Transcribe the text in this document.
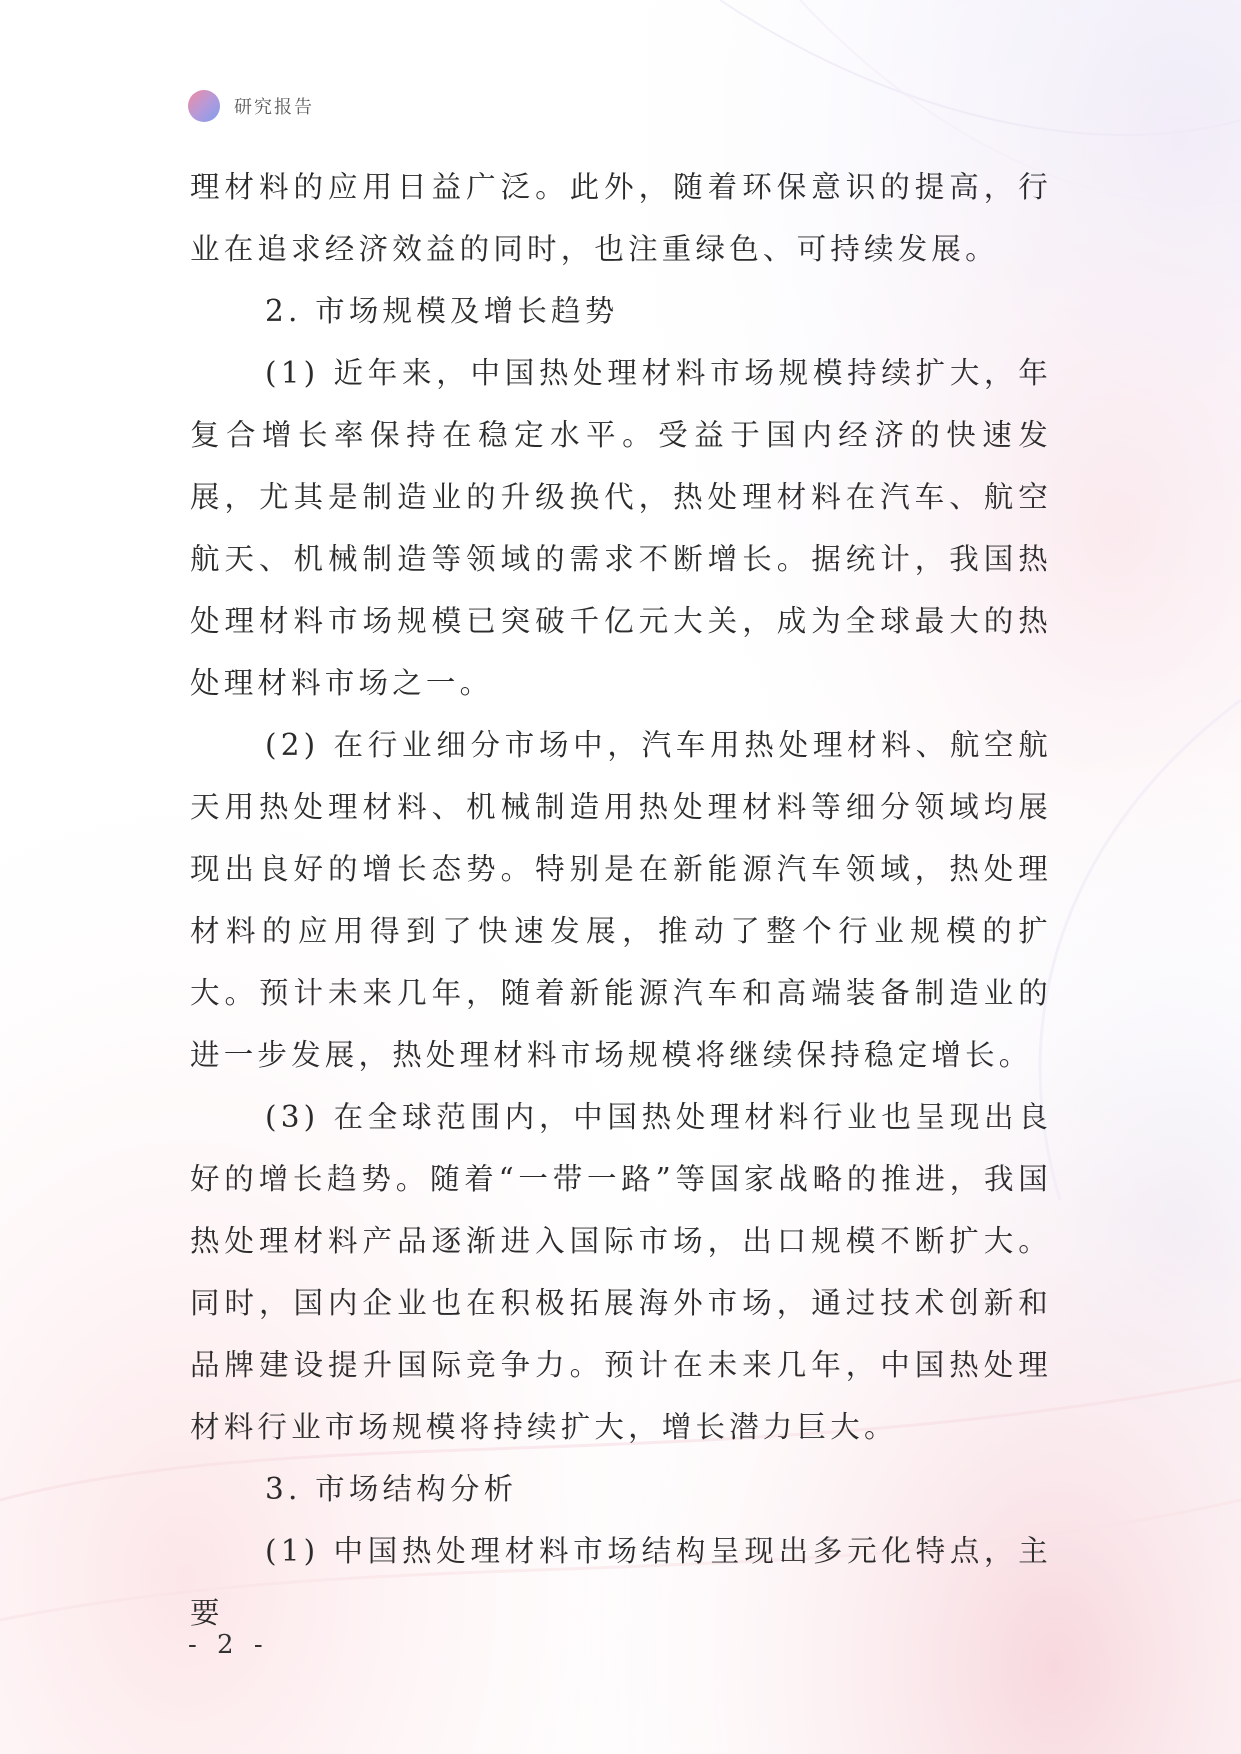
研究报告

理材料的应用日益广泛。此外，随着环保意识的提高，行业在追求经济效益的同时，也注重绿色、可持续发展。

2. 市场规模及增长趋势

(1) 近年来，中国热处理材料市场规模持续扩大，年复合增长率保持在稳定水平。受益于国内经济的快速发展，尤其是制造业的升级换代，热处理材料在汽车、航空航天、机械制造等领域的需求不断增长。据统计，我国热处理材料市场规模已突破千亿元大关，成为全球最大的热处理材料市场之一。

(2) 在行业细分市场中，汽车用热处理材料、航空航天用热处理材料、机械制造用热处理材料等细分领域均展现出良好的增长态势。特别是在新能源汽车领域，热处理材料的应用得到了快速发展，推动了整个行业规模的扩大。预计未来几年，随着新能源汽车和高端装备制造业的进一步发展，热处理材料市场规模将继续保持稳定增长。

(3) 在全球范围内，中国热处理材料行业也呈现出良好的增长趋势。随着“一带一路”等国家战略的推进，我国热处理材料产品逐渐进入国际市场，出口规模不断扩大。同时，国内企业也在积极拓展海外市场，通过技术创新和品牌建设提升国际竞争力。预计在未来几年，中国热处理材料行业市场规模将持续扩大，增长潜力巨大。

3. 市场结构分析

(1) 中国热处理材料市场结构呈现出多元化特点，主要

- 2 -
